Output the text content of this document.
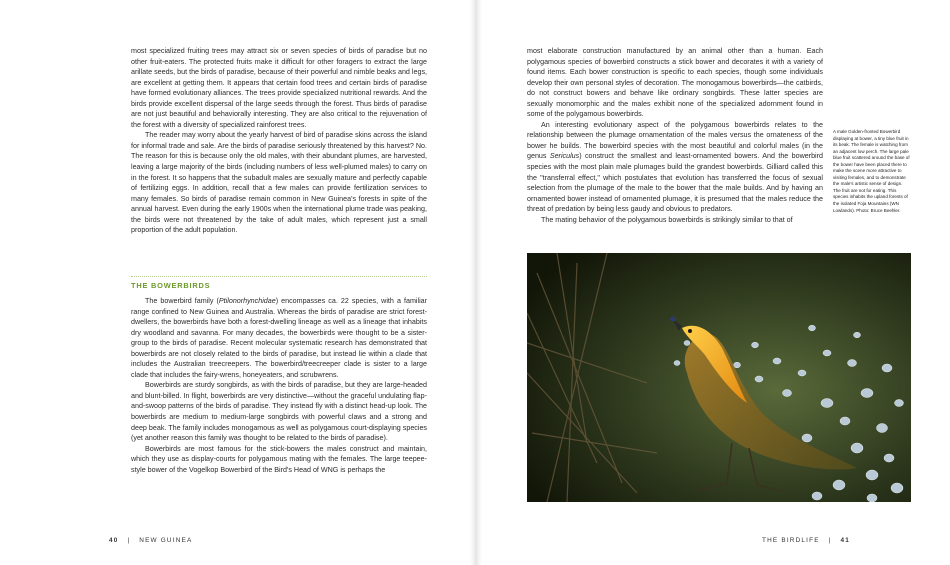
most specialized fruiting trees may attract six or seven species of birds of paradise but no other fruit-eaters. The protected fruits make it difficult for other foragers to extract the large arillate seeds, but the birds of paradise, because of their powerful and nimble beaks and legs, are excellent at getting them. It appears that certain food trees and certain birds of paradise have formed evolutionary alliances. The trees provide specialized nutritional rewards. And the birds provide excellent dispersal of the large seeds through the forest. Thus birds of paradise are not just beautiful and behaviorally interesting. They are also critical to the rejuvenation of the forest with a diversity of specialized rainforest trees.

The reader may worry about the yearly harvest of bird of paradise skins across the island for informal trade and sale. Are the birds of paradise seriously threatened by this harvest? No. The reason for this is because only the old males, with their abundant plumes, are harvested, leaving a large majority of the birds (including numbers of less well-plumed males) to carry on in the forest. It so happens that the subadult males are sexually mature and perfectly capable of fertilizing eggs. In addition, recall that a few males can provide fertilization services to many females. So birds of paradise remain common in New Guinea's forests in spite of the annual harvest. Even during the early 1900s when the international plume trade was peaking, the birds were not threatened by the take of adult males, which represent just a small proportion of the adult population.

THE BOWERBIRDS

The bowerbird family (Ptilonorhynchidae) encompasses ca. 22 species, with a familiar range confined to New Guinea and Australia. Whereas the birds of paradise are strict forest-dwellers, the bowerbirds have both a forest-dwelling lineage as well as a lineage that inhabits dry woodland and savanna. For many decades, the bowerbirds were thought to be a sister-group to the birds of paradise. Recent molecular systematic research has demonstrated that bowerbirds are not closely related to the birds of paradise, but instead lie within a clade that includes the Australian treecreepers. The bowerbird/treecreeper clade is sister to a large clade that includes the fairy-wrens, honeyeaters, and scrubwrens.

Bowerbirds are sturdy songbirds, as with the birds of paradise, but they are large-headed and blunt-billed. In flight, bowerbirds are very distinctive—without the graceful undulating flap-and-swoop patterns of the birds of paradise. They instead fly with a distinct head-up look. The bowerbirds are medium to medium-large songbirds with powerful claws and a strong and deep beak. The family includes monogamous as well as polygamous court-displaying species (yet another reason this family was thought to be related to the birds of paradise).

Bowerbirds are most famous for the stick-bowers the males construct and maintain, which they use as display-courts for polygamous mating with the females. The large teepee-style bower of the Vogelkop Bowerbird of the Bird's Head of WNG is perhaps the

40 | NEW GUINEA

most elaborate construction manufactured by an animal other than a human. Each polygamous species of bowerbird constructs a stick bower and decorates it with a variety of found items. Each bower construction is specific to each species, though some individuals develop their own personal styles of decoration. The monogamous bowerbirds—the catbirds, do not construct bowers and behave like ordinary songbirds. These latter species are sexually monomorphic and the males exhibit none of the specialized adornment found in some of the polygamous bowerbirds.

An interesting evolutionary aspect of the polygamous bowerbirds relates to the relationship between the plumage ornamentation of the males versus the ornateness of the bower he builds. The bowerbird species with the most beautiful and colorful males (in the genus Sericulus) construct the smallest and least-ornamented bowers. And the bowerbird species with the most plain male plumages build the grandest bowerbirds. Gilliard called this the "transferral effect," which postulates that evolution has transferred the focus of sexual selection from the plumage of the male to the bower that the male builds. And by having an ornamented bower instead of ornamented plumage, it is presumed that the males reduce the threat of predation by being less gaudy and obvious to predators.

The mating behavior of the polygamous bowerbirds is strikingly similar to that of

A male Golden-fronted Bowerbird displaying at bower, a tiny blue fruit in its beak. The female is watching from an adjacent low perch. The large pale blue fruit scattered around the base of the bower have been placed there to make the scene more attractive to visiting females, and to demonstrate the male's artistic sense of design. The fruit are not for eating. This species inhabits the upland forests of the isolated Foja Mountains (WN Lowlands). Photo: Bruce Beehler.
THE BIRDLIFE | 41
